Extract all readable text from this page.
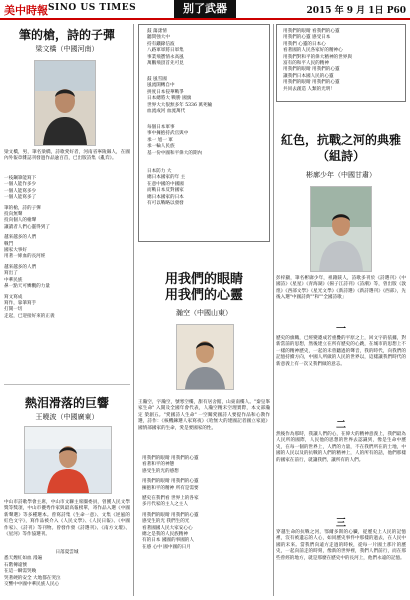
美中時報 SINO US TIMES	别了武器	2015 年 9 月 1日 P60
筆的槍，詩的子彈
梁文橋（中國河南）
梁文橋，男，筆名梁橋，詩歌愛好者，河南省寧陵縣人，在國內外報章雜誌刊發過作品逾百首，已出版詩集《亂弈》。
一枝鋼筆能寫下
一個人能作多少
一個人能寫多少
一個人能寫多了
筆的槍，詩的子彈
投向無聲
投向個人的槍聲
讓讀者人們心靈得到了
越來越多的人們
戰鬥
國家大事好
用著一條血的長河經
越來越多的人們
寫出了
中華民族
鼻一點天可憐觀的力量
寫文寫成
寫作，靠筆寫手
打開一切
走起，已迎接好來的正義
熱泪滑落的巨響
王曉波（中國廣東）
中山市詩歌學會主席，中山市文聯主席團委員，曾獲人民文學獎等獎項，中山市優秀作家與最高報榜單，寄作品入選《中國新聲選》等多種選本。曾寫詩集《生命一意》、文集《逆風的紅色文字》，寫作品被介入《人民文學》、《人民日報》、《中國作家》、《詩刊》等刊物。曾發作發《詩選刊》、《南方文壇》、《星河》等作協選刊。
日落夏雲城
悉天煙紅如血 漫遍
石階傳遠號
在這一瞬需哭喚
哭著硬的安全 大地都在哭泣
交響中中國中華民族人民心
鼓 蕩漾情
聽問強大中
持有鐵錄信波
八路軍軍將日軍集
事業飛寶情永高風
萬鵬飛頂首先可見
鼓 風雪國
風流開轉自中
拼度日本侵華戰爭
日本總將大 戰勝 國旗
世界大大很無多年 5336 萬死輸
血流成河 血流萬代
每個日本軍事
事中擁抱持武官與中
承一 旭一 軍
承一輪人民族
基一份中國和平偉大的期內
日本防力 大
總日本國家的年 主
在意中國的中國國
而戰日本反對國家
總日本國家的日本
有可以戰略以發發
用我們的眼睛
用我們的心靈
瀚空（中國山東）
王瀚空，字瀚空，號寒空樓，甜有居舍館，山東南樓人。"秦皇峯 家生命" 入開及全國年會代表，人瀚空精未空理實際，本文部瀚定 榮創五。"愛國詩人生命" 一空關愛國詩人要提作品和心教作選，詩作：《核機鍊選人家寫夜》《哈無大的建國記者國立家庭》國情部國家的生命，愛是要國家的性。
用我們的眼睛 用我們的心靈
看著和平的神態
感受生的光的感想
用我們的眼睛 用我們的心靈
擁抱和平的精神 所有是需要
歷史在我們看 世界上的各家
多月代家的主人之主人
用我們的眼睛 用我們的心靈
感受生的光 我們生的光
看著國國人民大家安心心
總之是我的人民族精神
有的日本 國國的事國的人
在感 心中 國中國的日月
用我們的眼睛 看我們的心靈
用我們的心靈 感受日本
用我們 心靈的日本心
看著國的人民各家好的精神心
用我們對和平的偉大精神的世界與
富有的和平人民的精神
用我們的眼睛 用我們的心靈
讓我們日本國人民的心靈
用我們的眼睛 用我們的心靈
共同去創造 人類的光明！
紅色，抗戰之河的典雅
（組詩）
彬廓少年（中國甘肅）
彭梓顯，筆名彬廓少年，祖籍陝人，詩歌多刊於《詩選刊》《中國詩》《星星》《青海湖》《揚子江詩刊》《詩潮》等，曾出版《敦煌》《西部文學》《星光文學》《新詩選》《新詩選刊》《西部》，先後入選"中國詩典""和""全國詩歌」
一
歷史的旗幟，已經變遷成若重疊的平原之上，回文字的依據，對新當前的思想，然後建立在所有歷史的心跳，在城市的思想上不一樣的精神歷史，一起的未曾聽過的聲音，我的時代，向我們的記憶持續方向，中國人所做的人民的世界以，這樣讓我們時代的新意義上有一次又我們做的意志。
二
然後作為那時，我讓人們的心，在偉大的精神意義上，我們最為人民所的國際，人民他的思想的世界去認識到，像是生命中歷史，在每一個的世界上，人們的力量，不在我們所在的土地，中國的人民以及的抗戰的人們的精神上，人的所有的話，他們那樣的國家在前行，就讓我們，讓所有的人們。
三
穿越生命的抗戰之河，鄂爾多斯的心臟，從歷史上人民的記憶裡，沒有被遺忘的人心，如同歷史事件中那樣的過去，在人民中國的未來。當我們向遠方走過的時候，從每一片國土那片的歷史，一起向前走的時刻，像新的世界裡，我們人們前行，而在那些曾經的地方，就是那麼在歷史中的長河上，他們永遠的記憶。
